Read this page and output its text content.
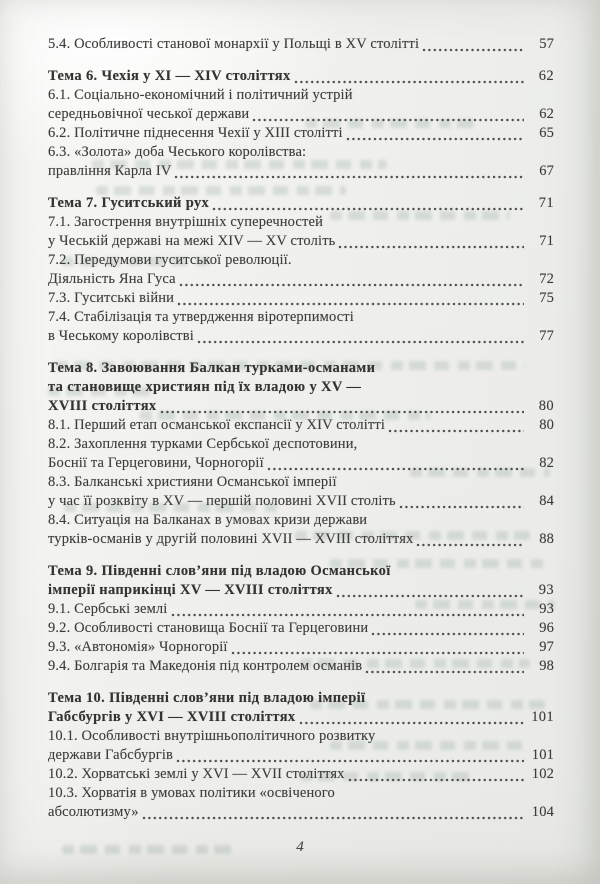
5.4. Особливості станової монархії у Польщі в XV столітті	57
Тема 6. Чехія у XI — XIV століттях	62
6.1. Соціально-економічний і політичний устрій
середньовічної чеської держави	62
6.2. Політичне піднесення Чехії у XIII столітті	65
6.3. «Золота» доба Чеського королівства:
правління Карла IV	67
Тема 7. Гуситський рух	71
7.1. Загострення внутрішніх суперечностей
у Чеській державі на межі XIV — XV століть	71
7.2. Передумови гуситської революції.
Діяльність Яна Гуса	72
7.3. Гуситські війни	75
7.4. Стабілізація та утвердження віротерпимості
в Чеському королівстві	77
Тема 8. Завоювання Балкан турками-османами
та становище християн під їх владою у XV —
XVIII століттях	80
8.1. Перший етап османської експансії у XIV столітті	80
8.2. Захоплення турками Сербської деспотовини,
Боснії та Герцеговини, Чорногорії	82
8.3. Балканські християни Османської імперії
у час її розквіту в XV — першій половині XVII століть	84
8.4. Ситуація на Балканах в умовах кризи держави
турків-османів у другій половині XVII — XVIII століттях	88
Тема 9. Південні слов’яни під владою Османської
імперії наприкінці XV — XVIII століттях	93
9.1. Сербські землі	93
9.2. Особливості становища Боснії та Герцеговини	96
9.3. «Автономія» Чорногорії	97
9.4. Болгарія та Македонія під контролем османів	98
Тема 10. Південні слов’яни під владою імперії
Габсбургів у XVI — XVIII століттях	101
10.1. Особливості внутрішньополітичного розвитку
держави Габсбургів	101
10.2. Хорватські землі у XVI — XVII століттях	102
10.3. Хорватія в умовах політики «освіченого
абсолютизму»	104
4
